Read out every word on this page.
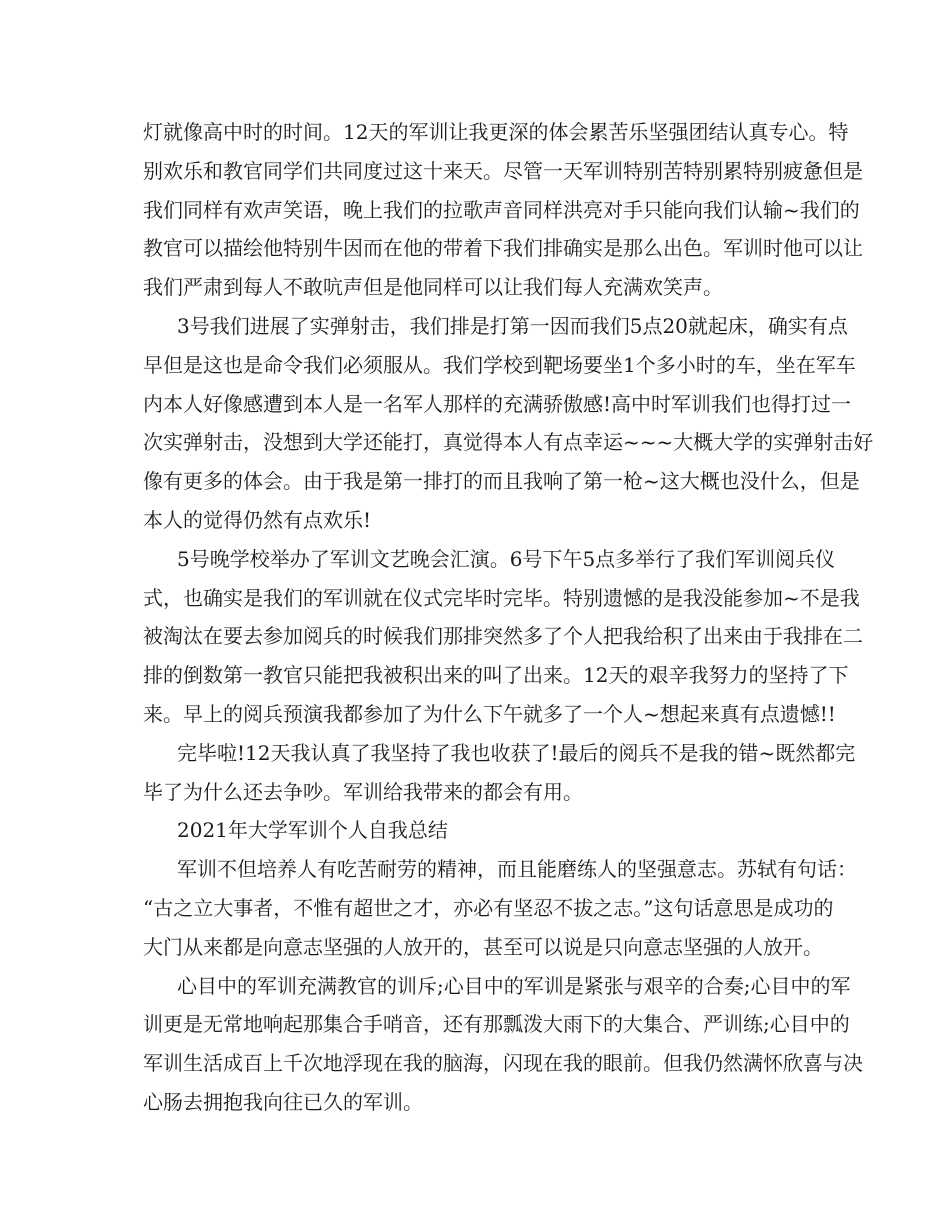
灯就像高中时的时间。12天的军训让我更深的体会累苦乐坚强团结认真专心。特
别欢乐和教官同学们共同度过这十来天。尽管一天军训特别苦特别累特别疲惫但是
我们同样有欢声笑语，晚上我们的拉歌声音同样洪亮对手只能向我们认输~我们的
教官可以描绘他特别牛因而在他的带着下我们排确实是那么出色。军训时他可以让
我们严肃到每人不敢吭声但是他同样可以让我们每人充满欢笑声。
3号我们进展了实弹射击，我们排是打第一因而我们5点20就起床，确实有点
早但是这也是命令我们必须服从。我们学校到靶场要坐1个多小时的车，坐在军车
内本人好像感遭到本人是一名军人那样的充满骄傲感!高中时军训我们也得打过一
次实弹射击，没想到大学还能打，真觉得本人有点幸运~~~大概大学的实弹射击好
像有更多的体会。由于我是第一排打的而且我响了第一枪~这大概也没什么，但是
本人的觉得仍然有点欢乐!
5号晚学校举办了军训文艺晚会汇演。6号下午5点多举行了我们军训阅兵仪
式，也确实是我们的军训就在仪式完毕时完毕。特别遗憾的是我没能参加~不是我
被淘汰在要去参加阅兵的时候我们那排突然多了个人把我给积了出来由于我排在二
排的倒数第一教官只能把我被积出来的叫了出来。12天的艰辛我努力的坚持了下
来。早上的阅兵预演我都参加了为什么下午就多了一个人~想起来真有点遗憾!!
完毕啦!12天我认真了我坚持了我也收获了!最后的阅兵不是我的错~既然都完
毕了为什么还去争吵。军训给我带来的都会有用。
2021年大学军训个人自我总结
军训不但培养人有吃苦耐劳的精神，而且能磨练人的坚强意志。苏轼有句话：
“古之立大事者，不惟有超世之才，亦必有坚忍不拔之志。”这句话意思是成功的
大门从来都是向意志坚强的人放开的，甚至可以说是只向意志坚强的人放开。
心目中的军训充满教官的训斥;心目中的军训是紧张与艰辛的合奏;心目中的军
训更是无常地响起那集合手哨音，还有那瓢泼大雨下的大集合、严训练;心目中的
军训生活成百上千次地浮现在我的脑海，闪现在我的眼前。但我仍然满怀欣喜与决
心肠去拥抱我向往已久的军训。
